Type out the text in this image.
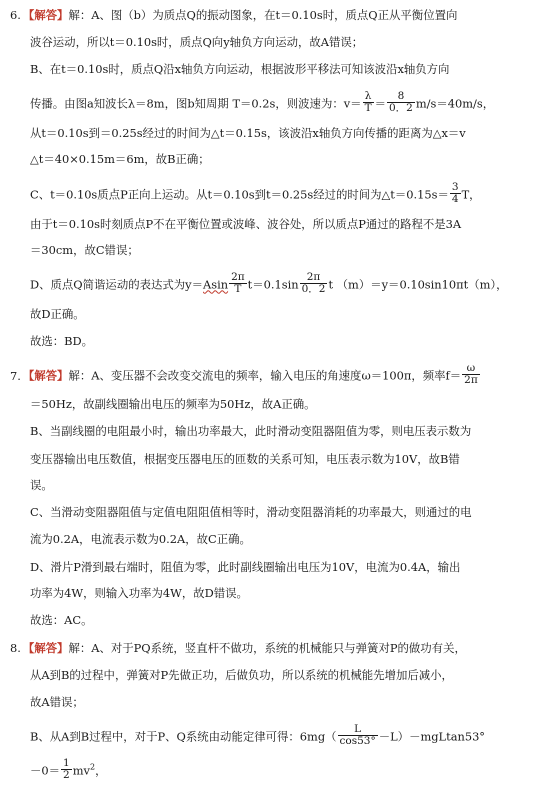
6. 【解答】解：A、图（b）为质点Q的振动图象，在t＝0.10s时，质点Q正从平衡位置向
波谷运动，所以t＝0.10s时，质点Q向y轴负方向运动，故A错误；
B、在t＝0.10s时，质点Q沿x轴负方向运动，根据波形平移法可知该波沿x轴负方向
传播。由图a知波长λ＝8m，图b知周期 T＝0.2s，则波速为：$v= \frac{\lambda}{T} = \frac{8}{0.2} m/s=40m/s$，
从t＝0.10s到＝0.25s经过的时间为△t＝0.15s，该波沿x轴负方向传播的距离为△x＝v
△t＝40×0.15m＝6m，故B正确；
C、t＝0.10s质点P正向上运动。从t＝0.10s到t＝0.25s经过的时间为△t＝0.15s＝ $\frac{3}{4}$ T，
由于t＝0.10s时刻质点P不在平衡位置或波峰、波谷处，所以质点P通过的路程不是3A
＝30cm，故C错误；
D、质点Q简谐运动的表达式为$y=Asin \frac{2\pi}{T} t=0.1\sin \frac{2\pi}{0.2}$ t （m）＝y＝0.10sin10πt（m），
故D正确。
故选：BD。
7. 【解答】解：A、变压器不会改变交流电的频率，输入电压的角速度ω＝100π，频率$f= \frac{\omega}{2\pi}$
＝50Hz，故副线圈输出电压的频率为50Hz，故A正确。
B、当副线圈的电阻最小时，输出功率最大，此时滑动变阻器阻值为零，则电压表示数为
变压器输出电压数值，根据变压器电压的匝数的关系可知，电压表示数为10V，故B错
误。
C、当滑动变阻器阻值与定值电阻阻值相等时，滑动变阻器消耗的功率最大，则通过的电
流为0.2A，电流表示数为0.2A，故C正确。
D、滑片P滑到最右端时，阻值为零，此时副线圈输出电压为10V，电流为0.4A，输出
功率为4W，则输入功率为4W，故D错误。
故选：AC。
8. 【解答】解：A、对于PQ系统，竖直杆不做功，系统的机械能只与弹簧对P的做功有关，
从A到B的过程中，弹簧对P先做正功，后做负功，所以系统的机械能先增加后减小，
故A错误；
B、从A到B过程中，对于P、Q系统由动能定律可得：$6mg( \frac{L}{\cos 53^\circ} -L)-mgLtan53^\circ$
$-0= \frac{1}{2} mv^2$，
